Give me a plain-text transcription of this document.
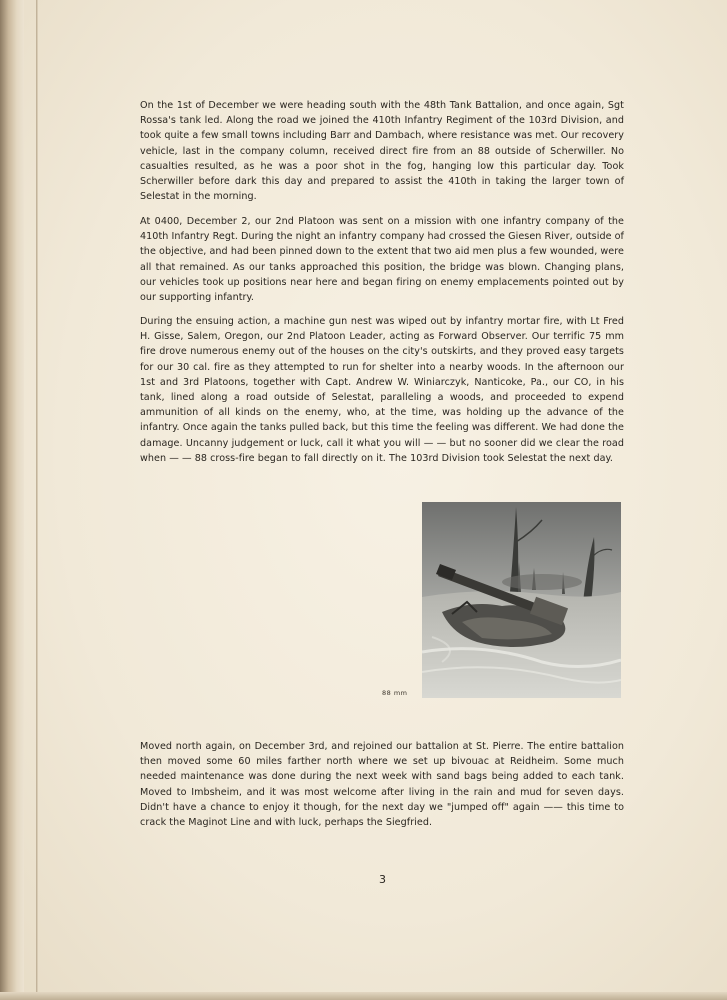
On the 1st of December we were heading south with the 48th Tank Battalion, and once again, Sgt Rossa's tank led. Along the road we joined the 410th Infantry Regiment of the 103rd Division, and took quite a few small towns including Barr and Dambach, where resistance was met. Our recovery vehicle, last in the company column, received direct fire from an 88 outside of Scherwiller. No casualties resulted, as he was a poor shot in the fog, hanging low this particular day. Took Scherwiller before dark this day and prepared to assist the 410th in taking the larger town of Selestat in the morning.

At 0400, December 2, our 2nd Platoon was sent on a mission with one infantry company of the 410th Infantry Regt. During the night an infantry company had crossed the Giesen River, outside of the objective, and had been pinned down to the extent that two aid men plus a few wounded, were all that remained. As our tanks approached this position, the bridge was blown. Changing plans, our vehicles took up positions near here and began firing on enemy emplacements pointed out by our supporting infantry.

During the ensuing action, a machine gun nest was wiped out by infantry mortar fire, with Lt Fred H. Gisse, Salem, Oregon, our 2nd Platoon Leader, acting as Forward Observer. Our terrific 75 mm fire drove numerous enemy out of the houses on the city's outskirts, and they proved easy targets for our 30 cal. fire as they attempted to run for shelter into a nearby woods. In the afternoon our 1st and 3rd Platoons, together with Capt. Andrew W. Winiarczyk, Nanticoke, Pa., our CO, in his tank, lined along a road outside of Selestat, paralleling a woods, and proceeded to expend ammunition of all kinds on the enemy, who, at the time, was holding up the advance of the infantry. Once again the tanks pulled back, but this time the feeling was different. We had done the damage. Uncanny judgement or luck, call it what you will — — but no sooner did we clear the road when — — 88 cross-fire began to fall directly on it. The 103rd Division took Selestat the next day.

88 mm

Moved north again, on December 3rd, and rejoined our battalion at St. Pierre. The entire battalion then moved some 60 miles farther north where we set up bivouac at Reidheim. Some much needed maintenance was done during the next week with sand bags being added to each tank. Moved to Imbsheim, and it was most welcome after living in the rain and mud for seven days. Didn't have a chance to enjoy it though, for the next day we "jumped off" again —— this time to crack the Maginot Line and with luck, perhaps the Siegfried.

3
